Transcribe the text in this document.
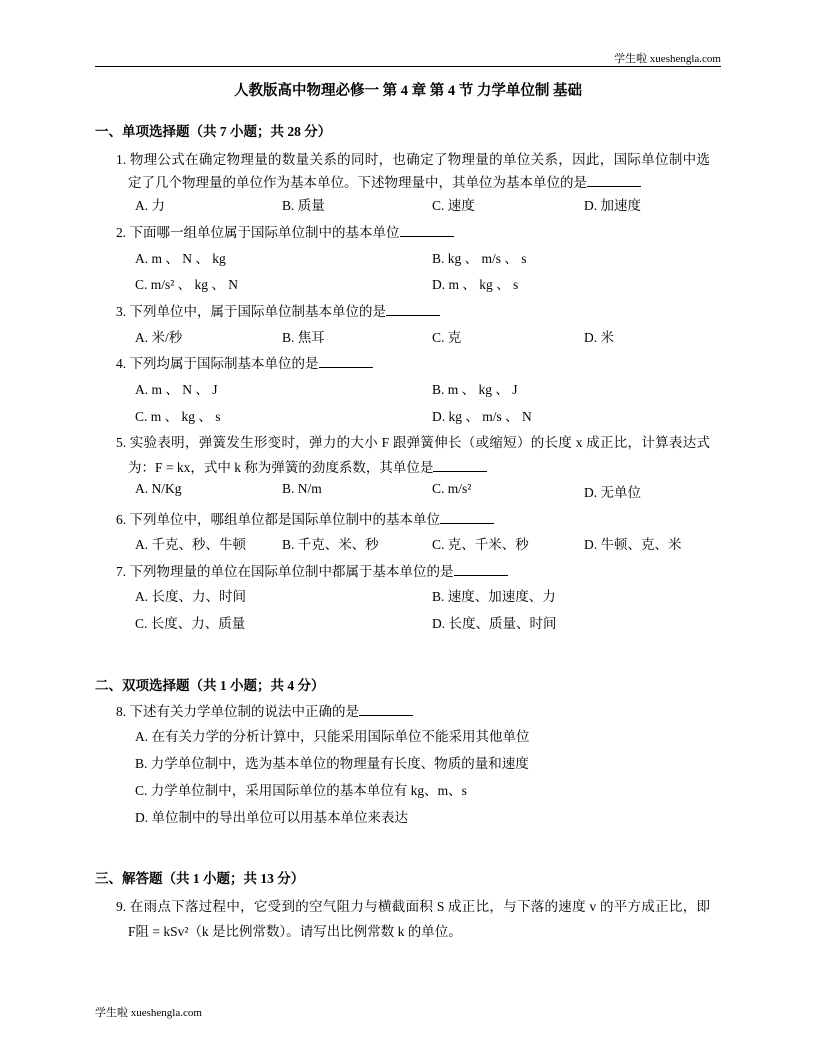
学生啦 xueshengla.com
人教版高中物理必修一 第 4 章 第 4 节 力学单位制 基础
一、单项选择题（共 7 小题；共 28 分）
1. 物理公式在确定物理量的数量关系的同时，也确定了物理量的单位关系，因此，国际单位制中选
定了几个物理量的单位作为基本单位。下述物理量中，其单位为基本单位的是
A. 力	B. 质量	C. 速度	D. 加速度
2. 下面哪一组单位属于国际单位制中的基本单位
A. m 、 N 、 kg	B. kg 、 m/s 、 s
C. m/s² 、 kg 、 N	D. m 、 kg 、 s
3. 下列单位中，属于国际单位制基本单位的是
A. 米/秒	B. 焦耳	C. 克	D. 米
4. 下列均属于国际制基本单位的是
A. m 、 N 、 J	B. m 、 kg 、 J
C. m 、 kg 、 s	D. kg 、 m/s 、 N
5. 实验表明，弹簧发生形变时，弹力的大小 F 跟弹簧伸长（或缩短）的长度 x 成正比，计算表达式
为：F = kx，式中 k 称为弹簧的劲度系数，其单位是
A. N/Kg	B. N/m	C. m/s²	D. 无单位
6. 下列单位中，哪组单位都是国际单位制中的基本单位
A. 千克、秒、牛顿	B. 千克、米、秒	C. 克、千米、秒	D. 牛顿、克、米
7. 下列物理量的单位在国际单位制中都属于基本单位的是
A. 长度、力、时间	B. 速度、加速度、力
C. 长度、力、质量	D. 长度、质量、时间
二、双项选择题（共 1 小题；共 4 分）
8. 下述有关力学单位制的说法中正确的是
A. 在有关力学的分析计算中，只能采用国际单位不能采用其他单位
B. 力学单位制中，选为基本单位的物理量有长度、物质的量和速度
C. 力学单位制中，采用国际单位的基本单位有 kg、m、s
D. 单位制中的导出单位可以用基本单位来表达
三、解答题（共 1 小题；共 13 分）
9. 在雨点下落过程中，它受到的空气阻力与横截面积 S 成正比，与下落的速度 v 的平方成正比，即
F阻 = kSv²（k 是比例常数）。请写出比例常数 k 的单位。
学生啦 xueshengla.com
